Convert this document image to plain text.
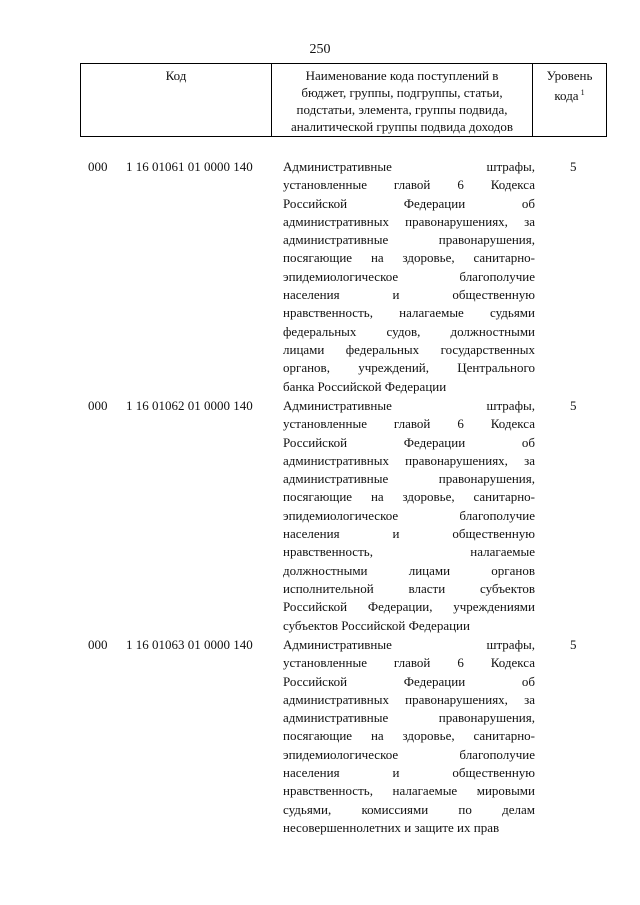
250
Код	Наименование кода поступлений в
бюджет, группы, подгруппы, статьи,
подстатьи, элемента, группы подвида,
аналитической группы подвида доходов
Уровень
кода $^1$
000 1 16 01061 01 0000 140 Административные штрафы,
установленные главой 6 Кодекса
Российской Федерации об
административных правонарушениях, за
административные правонарушения,
посягающие на здоровье, санитарно-
эпидемиологическое благополучие
населения и общественную
нравственность, налагаемые судьями
федеральных судов, должностными
лицами федеральных государственных
органов, учреждений, Центрального
банка Российской Федерации
5
000 1 16 01062 01 0000 140 Административные штрафы,
установленные главой 6 Кодекса
Российской Федерации об
административных правонарушениях, за
административные правонарушения,
посягающие на здоровье, санитарно-
эпидемиологическое благополучие
населения и общественную
нравственность, налагаемые
должностными лицами органов
исполнительной власти субъектов
Российской Федерации, учреждениями
субъектов Российской Федерации
5
000 1 16 01063 01 0000 140 Административные штрафы,
установленные главой 6 Кодекса
Российской Федерации об
административных правонарушениях, за
административные правонарушения,
посягающие на здоровье, санитарно-
эпидемиологическое благополучие
населения и общественную
нравственность, налагаемые мировыми
судьями, комиссиями по делам
несовершеннолетних и защите их прав
5
